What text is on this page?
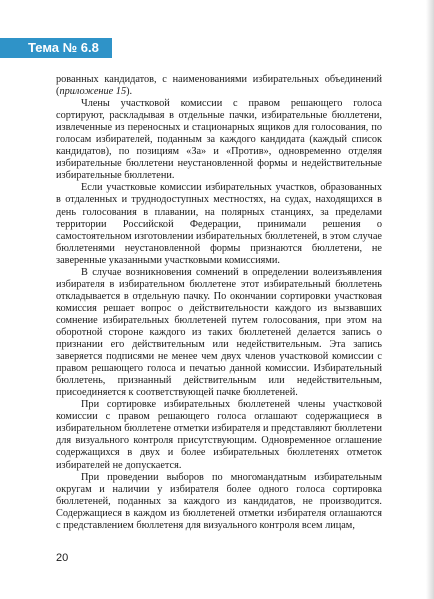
Тема № 6.8

рованных кандидатов, с наименованиями избирательных объединений (приложение 15).

Члены участковой комиссии с правом решающего голоса сортируют, раскладывая в отдельные пачки, избирательные бюллетени, извлеченные из переносных и стационарных ящиков для голосования, по голосам избирателей, поданным за каждого кандидата (каждый список кандидатов), по позициям «За» и «Против», одновременно отделяя избирательные бюллетени неустановленной формы и недействительные избирательные бюллетени.

Если участковые комиссии избирательных участков, образованных в отдаленных и труднодоступных местностях, на судах, находящихся в день голосования в плавании, на полярных станциях, за пределами территории Российской Федерации, принимали решения о самостоятельном изготовлении избирательных бюллетеней, в этом случае бюллетенями неустановленной формы признаются бюллетени, не заверенные указанными участковыми комиссиями.

В случае возникновения сомнений в определении волеизъявления избирателя в избирательном бюллетене этот избирательный бюллетень откладывается в отдельную пачку. По окончании сортировки участковая комиссия решает вопрос о действительности каждого из вызвавших сомнение избирательных бюллетеней путем голосования, при этом на оборотной стороне каждого из таких бюллетеней делается запись о признании его действительным или недействительным. Эта запись заверяется подписями не менее чем двух членов участковой комиссии с правом решающего голоса и печатью данной комиссии. Избирательный бюллетень, признанный действительным или недействительным, присоединяется к соответствующей пачке бюллетеней.

При сортировке избирательных бюллетеней члены участковой комиссии с правом решающего голоса оглашают содержащиеся в избирательном бюллетене отметки избирателя и представляют бюллетени для визуального контроля присутствующим. Одновременное оглашение содержащихся в двух и более избирательных бюллетенях отметок избирателей не допускается.

При проведении выборов по многомандатным избирательным округам и наличии у избирателя более одного голоса сортировка бюллетеней, поданных за каждого из кандидатов, не производится. Содержащиеся в каждом из бюллетеней отметки избирателя оглашаются с представлением бюллетеня для визуального контроля всем лицам,

20
